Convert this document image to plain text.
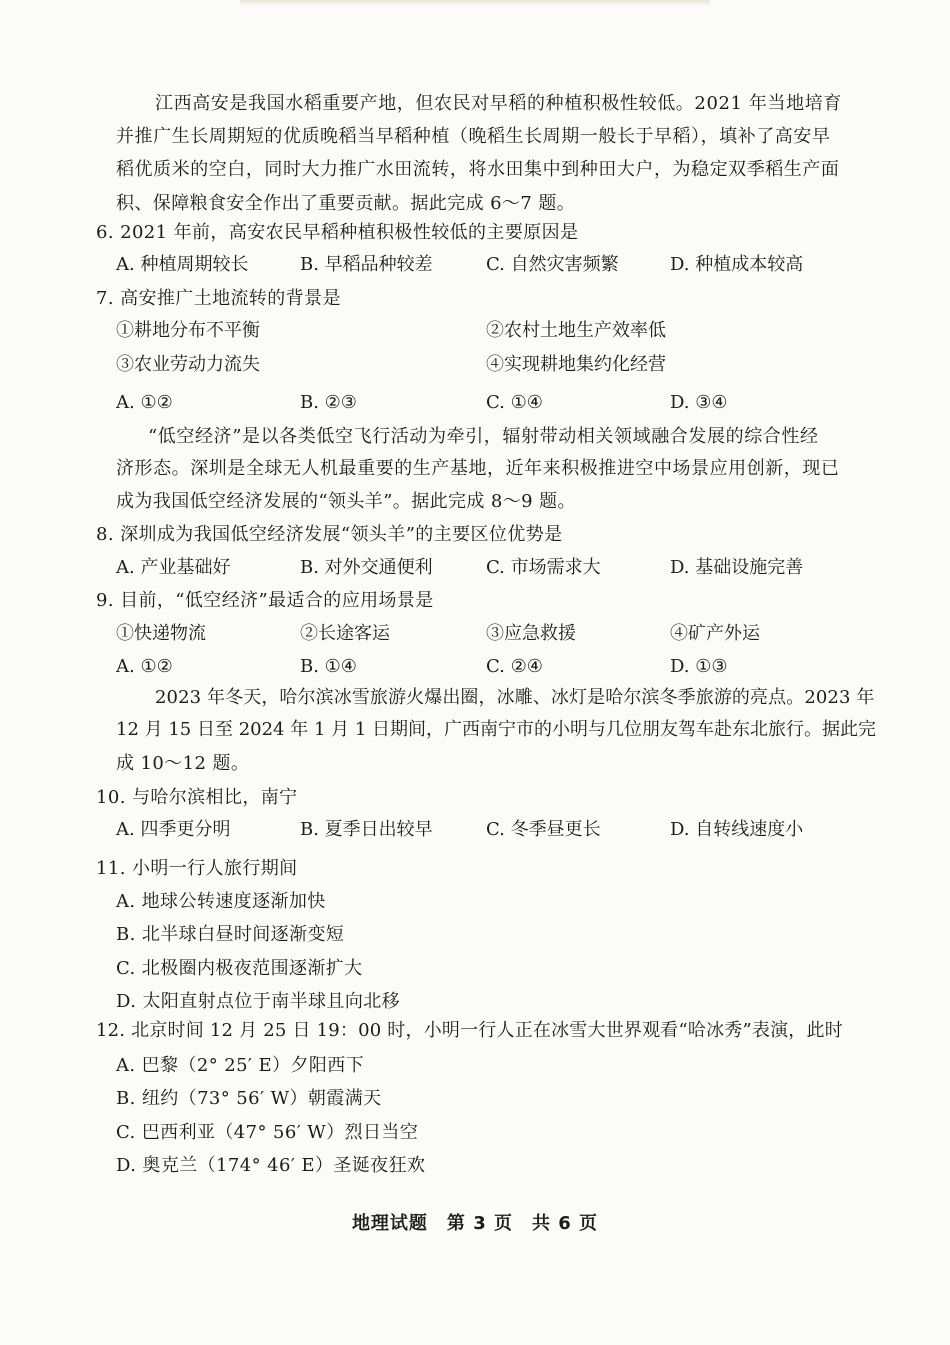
江西高安是我国水稻重要产地，但农民对早稻的种植积极性较低。2021 年当地培育
并推广生长周期短的优质晚稻当早稻种植（晚稻生长周期一般长于早稻），填补了高安早
稻优质米的空白，同时大力推广水田流转，将水田集中到种田大户，为稳定双季稻生产面
积、保障粮食安全作出了重要贡献。据此完成 6～7 题。
6. 2021 年前，高安农民早稻种植积极性较低的主要原因是
A. 种植周期较长	B. 早稻品种较差	C. 自然灾害频繁	D. 种植成本较高
7. 高安推广土地流转的背景是
①耕地分布不平衡	②农村土地生产效率低
③农业劳动力流失	④实现耕地集约化经营
A. ①②	B. ②③	C. ①④	D. ③④
“低空经济”是以各类低空飞行活动为牵引，辐射带动相关领域融合发展的综合性经
济形态。深圳是全球无人机最重要的生产基地，近年来积极推进空中场景应用创新，现已
成为我国低空经济发展的“领头羊”。据此完成 8～9 题。
8. 深圳成为我国低空经济发展“领头羊”的主要区位优势是
A. 产业基础好	B. 对外交通便利	C. 市场需求大	D. 基础设施完善
9. 目前，“低空经济”最适合的应用场景是
①快递物流	②长途客运	③应急救援	④矿产外运
A. ①②	B. ①④	C. ②④	D. ①③
2023 年冬天，哈尔滨冰雪旅游火爆出圈，冰雕、冰灯是哈尔滨冬季旅游的亮点。2023 年
12 月 15 日至 2024 年 1 月 1 日期间，广西南宁市的小明与几位朋友驾车赴东北旅行。据此完
成 10～12 题。
10. 与哈尔滨相比，南宁
A. 四季更分明	B. 夏季日出较早	C. 冬季昼更长	D. 自转线速度小
11. 小明一行人旅行期间
A. 地球公转速度逐渐加快
B. 北半球白昼时间逐渐变短
C. 北极圈内极夜范围逐渐扩大
D. 太阳直射点位于南半球且向北移
12. 北京时间 12 月 25 日 19：00 时，小明一行人正在冰雪大世界观看“哈冰秀”表演，此时
A. 巴黎（2° 25′ E）夕阳西下
B. 纽约（73° 56′ W）朝霞满天
C. 巴西利亚（47° 56′ W）烈日当空
D. 奥克兰（174° 46′ E）圣诞夜狂欢
地理试题　第 3 页　共 6 页
